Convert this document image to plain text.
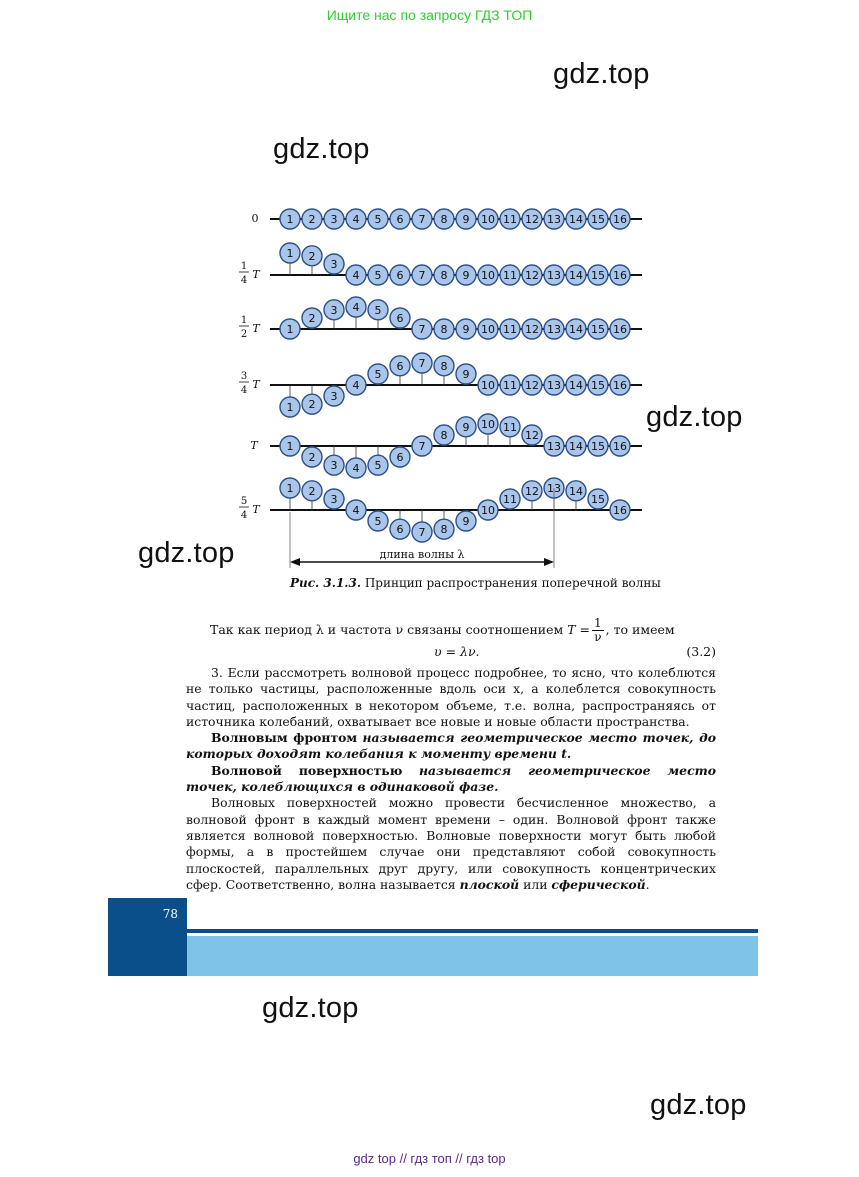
Ищите нас по запросу ГДЗ ТОП
gdz.top
gdz.top
gdz.top
gdz.top
gdz.top
gdz.top
0	1 2 3 4 5 6 7 8 9 10 11 12 13 14 15 16
1
4 T
1 2
3
4 5 6 7 8 9 10 11 12 13 14 15 16
1
2 T 1
2
3 4 5
6
7 8 9 10 11 12 13 14 15 16
3
4 T
1 2
3
4
5
6 7 8
9
10 11 12 13 14 15 16
T	1
2
3 4 5
6
7
8
9 10 11
12
13 14 15 16
5
4 T
1 2
3
4
5
6 7 8
9
10
11
12 13 14
15
16
длина волны λ
Рис. 3.1.3. Принцип распространения поперечной волны
Так как период λ и частота ν связаны соотношением $T = \frac{1}{\nu}$ , то имеем
υ = λν.	(3.2)

3. Если рассмотреть волновой процесс подробнее, то ясно, что колеблются не только частицы, расположенные вдоль оси x, а колеблется совокупность частиц, расположенных в некотором объеме, т.е. волна, распространяясь от источника колебаний, охватывает все новые и новые области пространства.

Волновым фронтом называется геометрическое место точек, до которых доходят колебания к моменту времени t.

Волновой поверхностью называется геометрическое место точек, колеблющихся в одинаковой фазе.

Волновых поверхностей можно провести бесчисленное множество, а волновой фронт в каждый момент времени – один. Волновой фронт также является волновой поверхностью. Волновые поверхности могут быть любой формы, а в простейшем случае они представляют собой совокупность плоскостей, параллельных друг другу, или совокупность концентрических сфер. Соответственно, волна называется плоской или сферической.

78
gdz top // гдз топ // гдз top
